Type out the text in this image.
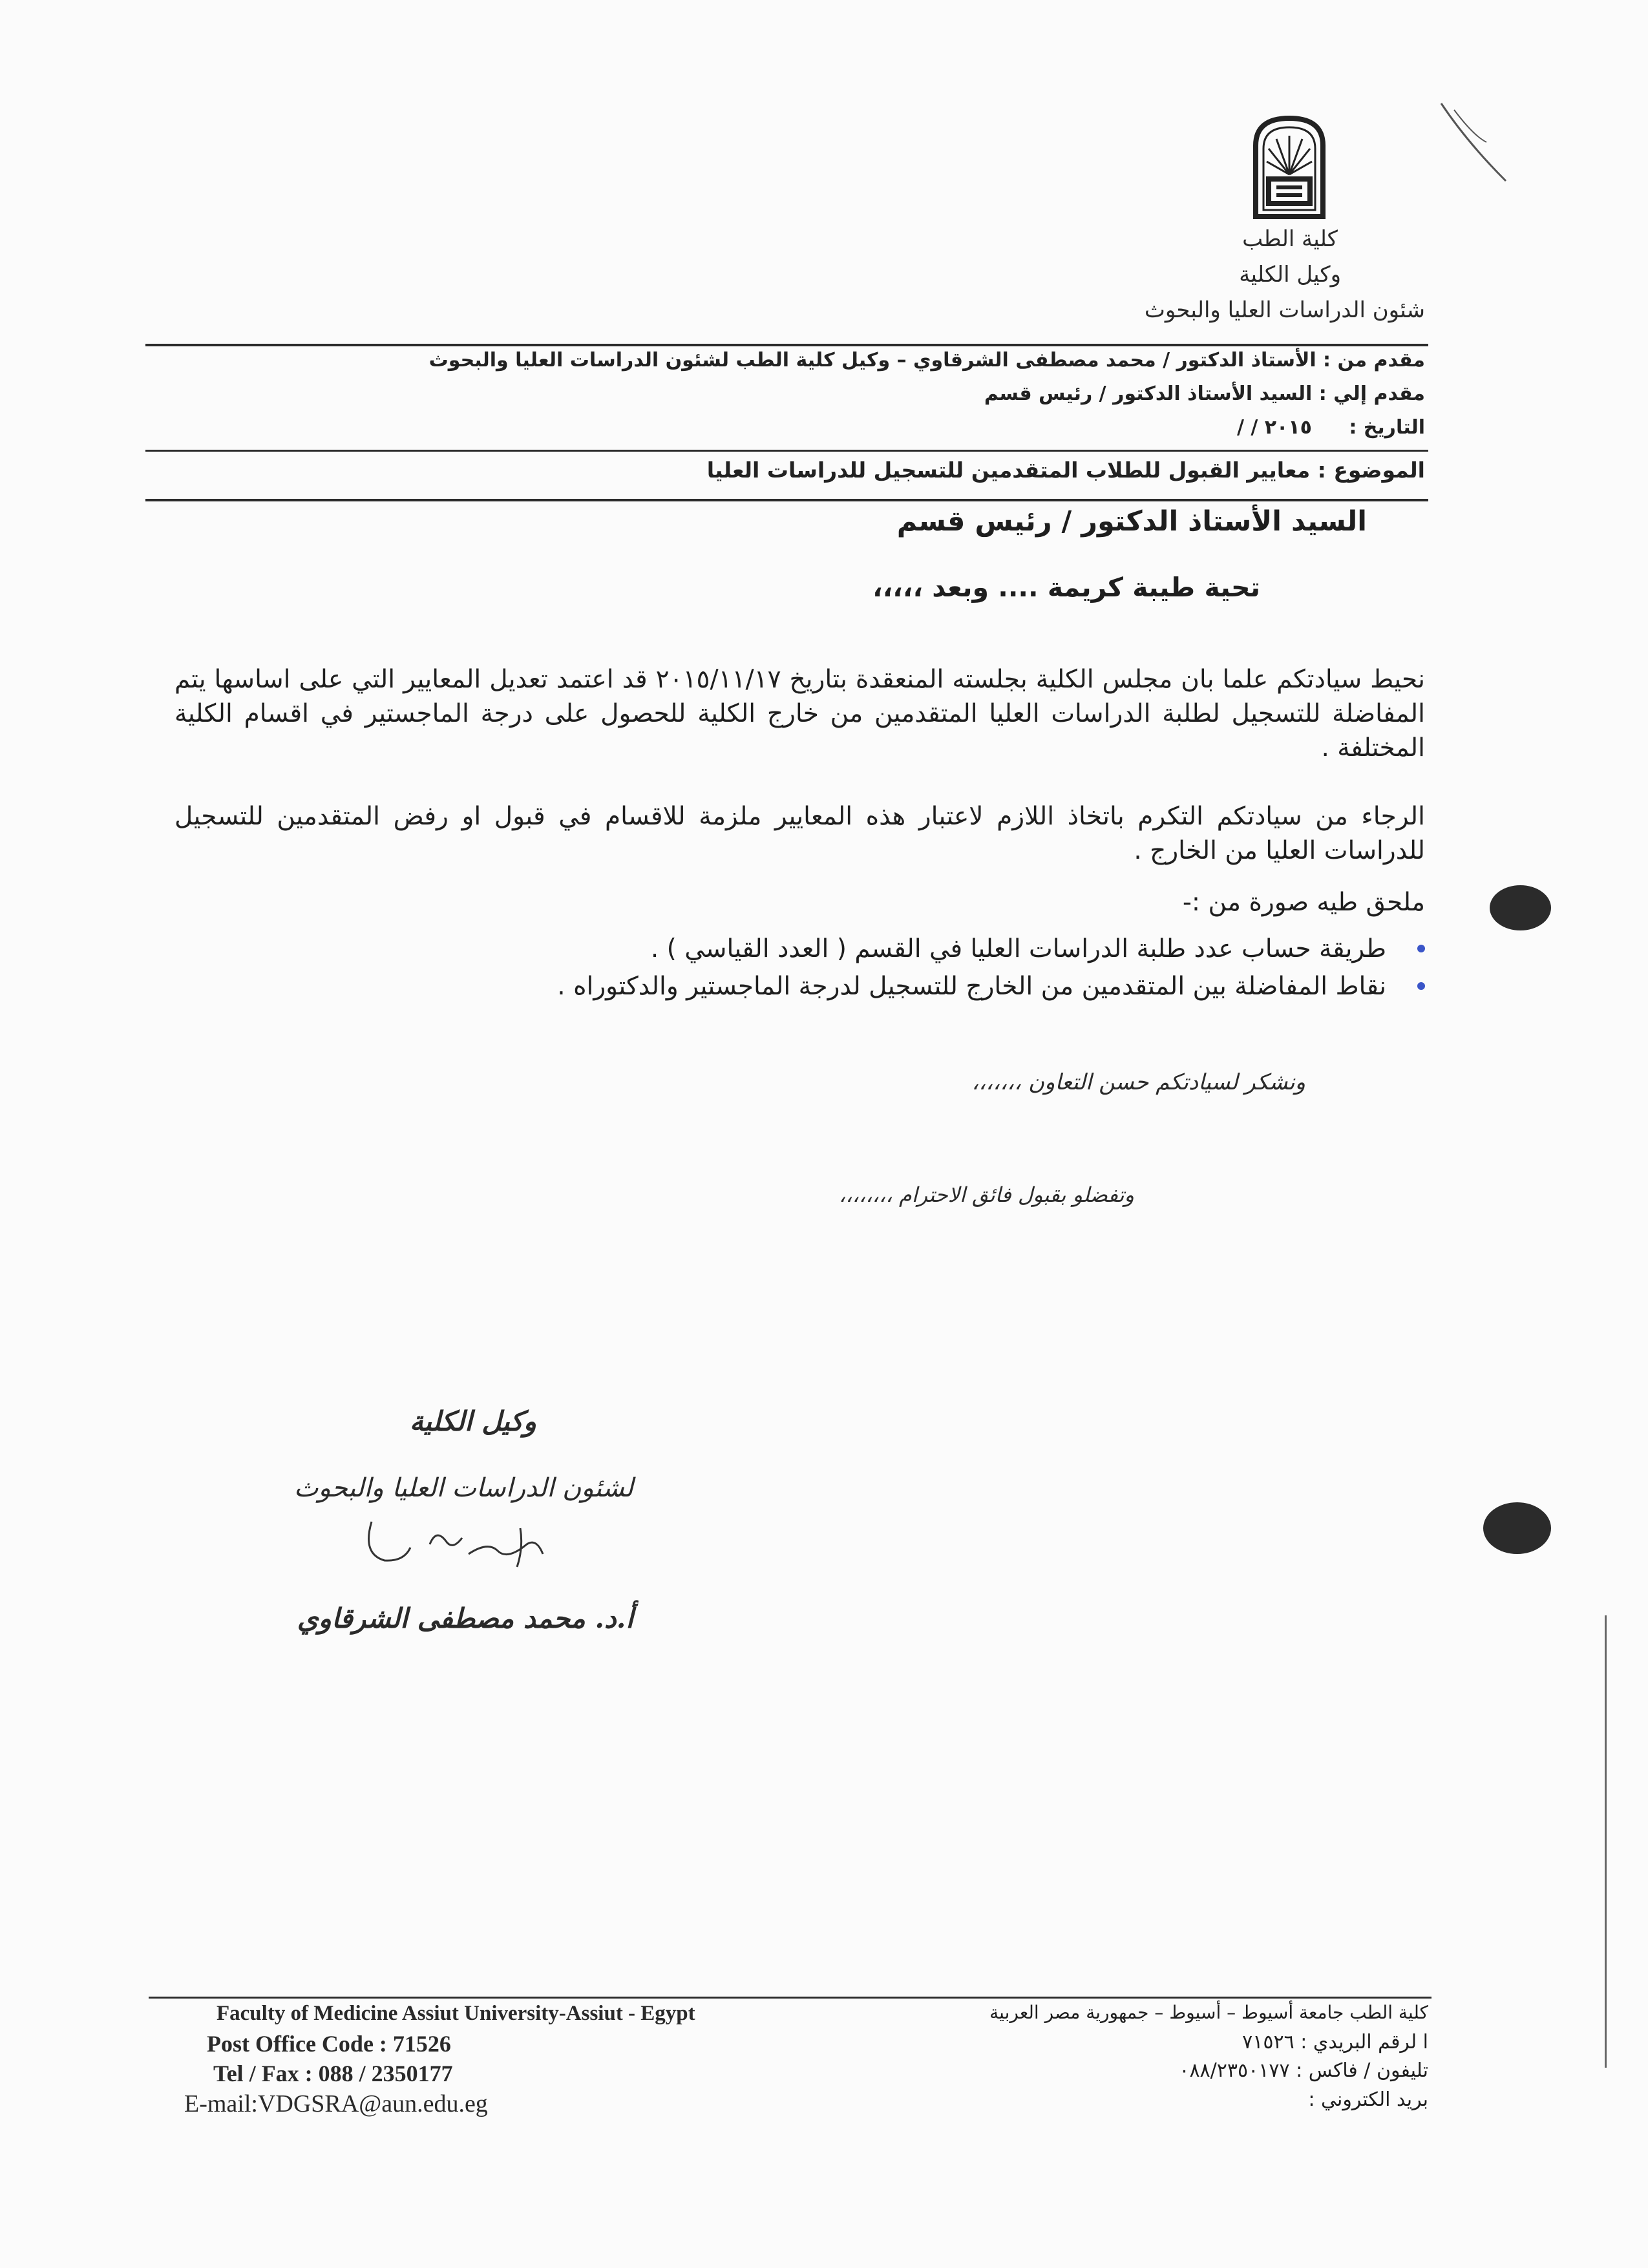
كلية الطب
وكيل الكلية
شئون الدراسات العليا والبحوث
مقدم من : الأستاذ الدكتور / محمد مصطفى الشرقاوي – وكيل كلية الطب لشئون الدراسات العليا والبحوث
مقدم إلي : السيد الأستاذ الدكتور / رئيس قسم
التاريخ :
/ / ٢٠١٥
الموضوع : معايير القبول للطلاب المتقدمين للتسجيل للدراسات العليا
السيد الأستاذ الدكتور / رئيس قسم
تحية طيبة كريمة .... وبعد ،،،،،
نحيط سيادتكم علما بان مجلس الكلية بجلسته المنعقدة بتاريخ ٢٠١٥/١١/١٧ قد اعتمد تعديل المعايير التي على اساسها يتم المفاضلة للتسجيل لطلبة الدراسات العليا المتقدمين من خارج الكلية للحصول على درجة الماجستير في اقسام الكلية المختلفة .
الرجاء من سيادتكم التكرم باتخاذ اللازم لاعتبار هذه المعايير ملزمة للاقسام في قبول او رفض المتقدمين للتسجيل للدراسات العليا من الخارج .
ملحق طيه صورة من :-
طريقة حساب عدد طلبة الدراسات العليا في القسم ( العدد القياسي ) .
نقاط المفاضلة بين المتقدمين من الخارج للتسجيل لدرجة الماجستير والدكتوراه .
ونشكر لسيادتكم حسن التعاون ،،،،،،،
وتفضلو بقبول فائق الاحترام ،،،،،،،،
وكيل الكلية
لشئون الدراسات العليا والبحوث
أ.د. محمد مصطفى الشرقاوي
Faculty of Medicine Assiut University-Assiut - Egypt
Post Office Code : 71526
Tel / Fax : 088 / 2350177
E-mail:VDGSRA@aun.edu.eg
كلية الطب جامعة أسيوط – أسيوط – جمهورية مصر العربية
ا لرقم البريدي : ٧١٥٢٦
تليفون / فاكس : ٠٨٨/٢٣٥٠١٧٧
بريد الكتروني :
